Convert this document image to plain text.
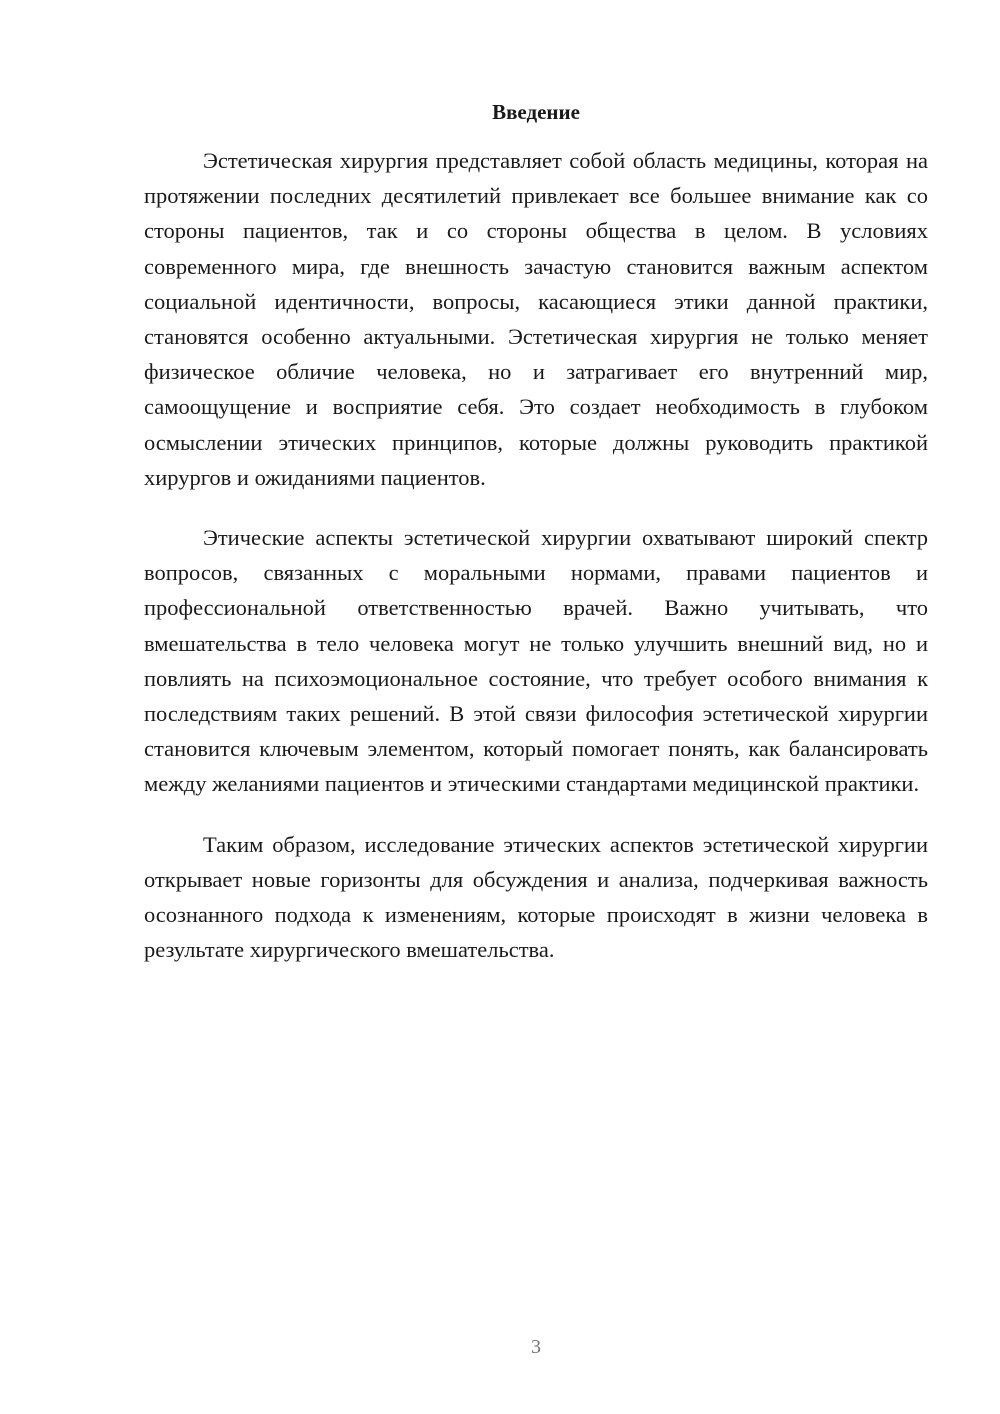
Введение

Эстетическая хирургия представляет собой область медицины, которая на протяжении последних десятилетий привлекает все большее внимание как со стороны пациентов, так и со стороны общества в целом. В условиях современного мира, где внешность зачастую становится важным аспектом социальной идентичности, вопросы, касающиеся этики данной практики, становятся особенно актуальными. Эстетическая хирургия не только меняет физическое обличие человека, но и затрагивает его внутренний мир, самоощущение и восприятие себя. Это создает необходимость в глубоком осмыслении этических принципов, которые должны руководить практикой хирургов и ожиданиями пациентов.

Этические аспекты эстетической хирургии охватывают широкий спектр вопросов, связанных с моральными нормами, правами пациентов и профессиональной ответственностью врачей. Важно учитывать, что вмешательства в тело человека могут не только улучшить внешний вид, но и повлиять на психоэмоциональное состояние, что требует особого внимания к последствиям таких решений. В этой связи философия эстетической хирургии становится ключевым элементом, который помогает понять, как балансировать между желаниями пациентов и этическими стандартами медицинской практики.

Таким образом, исследование этических аспектов эстетической хирургии открывает новые горизонты для обсуждения и анализа, подчеркивая важность осознанного подхода к изменениям, которые происходят в жизни человека в результате хирургического вмешательства.

3
